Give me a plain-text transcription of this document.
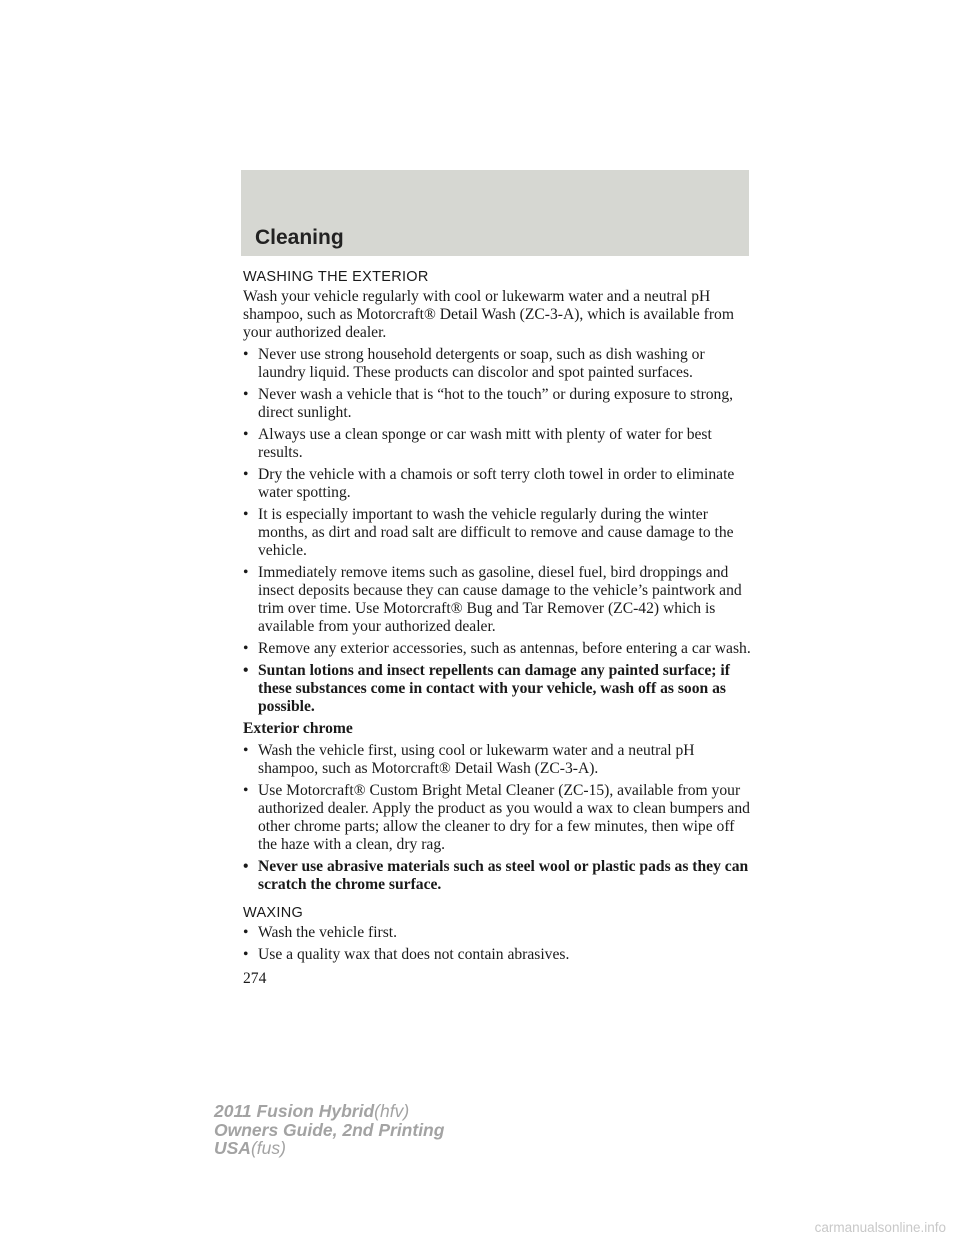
Cleaning
WASHING THE EXTERIOR

Wash your vehicle regularly with cool or lukewarm water and a neutral pH shampoo, such as Motorcraft® Detail Wash (ZC-3-A), which is available from your authorized dealer.

• Never use strong household detergents or soap, such as dish washing or laundry liquid. These products can discolor and spot painted surfaces.
• Never wash a vehicle that is “hot to the touch” or during exposure to strong, direct sunlight.
• Always use a clean sponge or car wash mitt with plenty of water for best results.
• Dry the vehicle with a chamois or soft terry cloth towel in order to eliminate water spotting.
• It is especially important to wash the vehicle regularly during the winter months, as dirt and road salt are difficult to remove and cause damage to the vehicle.
• Immediately remove items such as gasoline, diesel fuel, bird droppings and insect deposits because they can cause damage to the vehicle’s paintwork and trim over time. Use Motorcraft® Bug and Tar Remover (ZC-42) which is available from your authorized dealer.
• Remove any exterior accessories, such as antennas, before entering a car wash.
• Suntan lotions and insect repellents can damage any painted surface; if these substances come in contact with your vehicle, wash off as soon as possible.
Exterior chrome
• Wash the vehicle first, using cool or lukewarm water and a neutral pH shampoo, such as Motorcraft® Detail Wash (ZC-3-A).
• Use Motorcraft® Custom Bright Metal Cleaner (ZC-15), available from your authorized dealer. Apply the product as you would a wax to clean bumpers and other chrome parts; allow the cleaner to dry for a few minutes, then wipe off the haze with a clean, dry rag.
• Never use abrasive materials such as steel wool or plastic pads as they can scratch the chrome surface.
WAXING
• Wash the vehicle first.
• Use a quality wax that does not contain abrasives.
274
2011 Fusion Hybrid(hfv)
Owners Guide, 2nd Printing
USA(fus)
carmanualsonline.info
